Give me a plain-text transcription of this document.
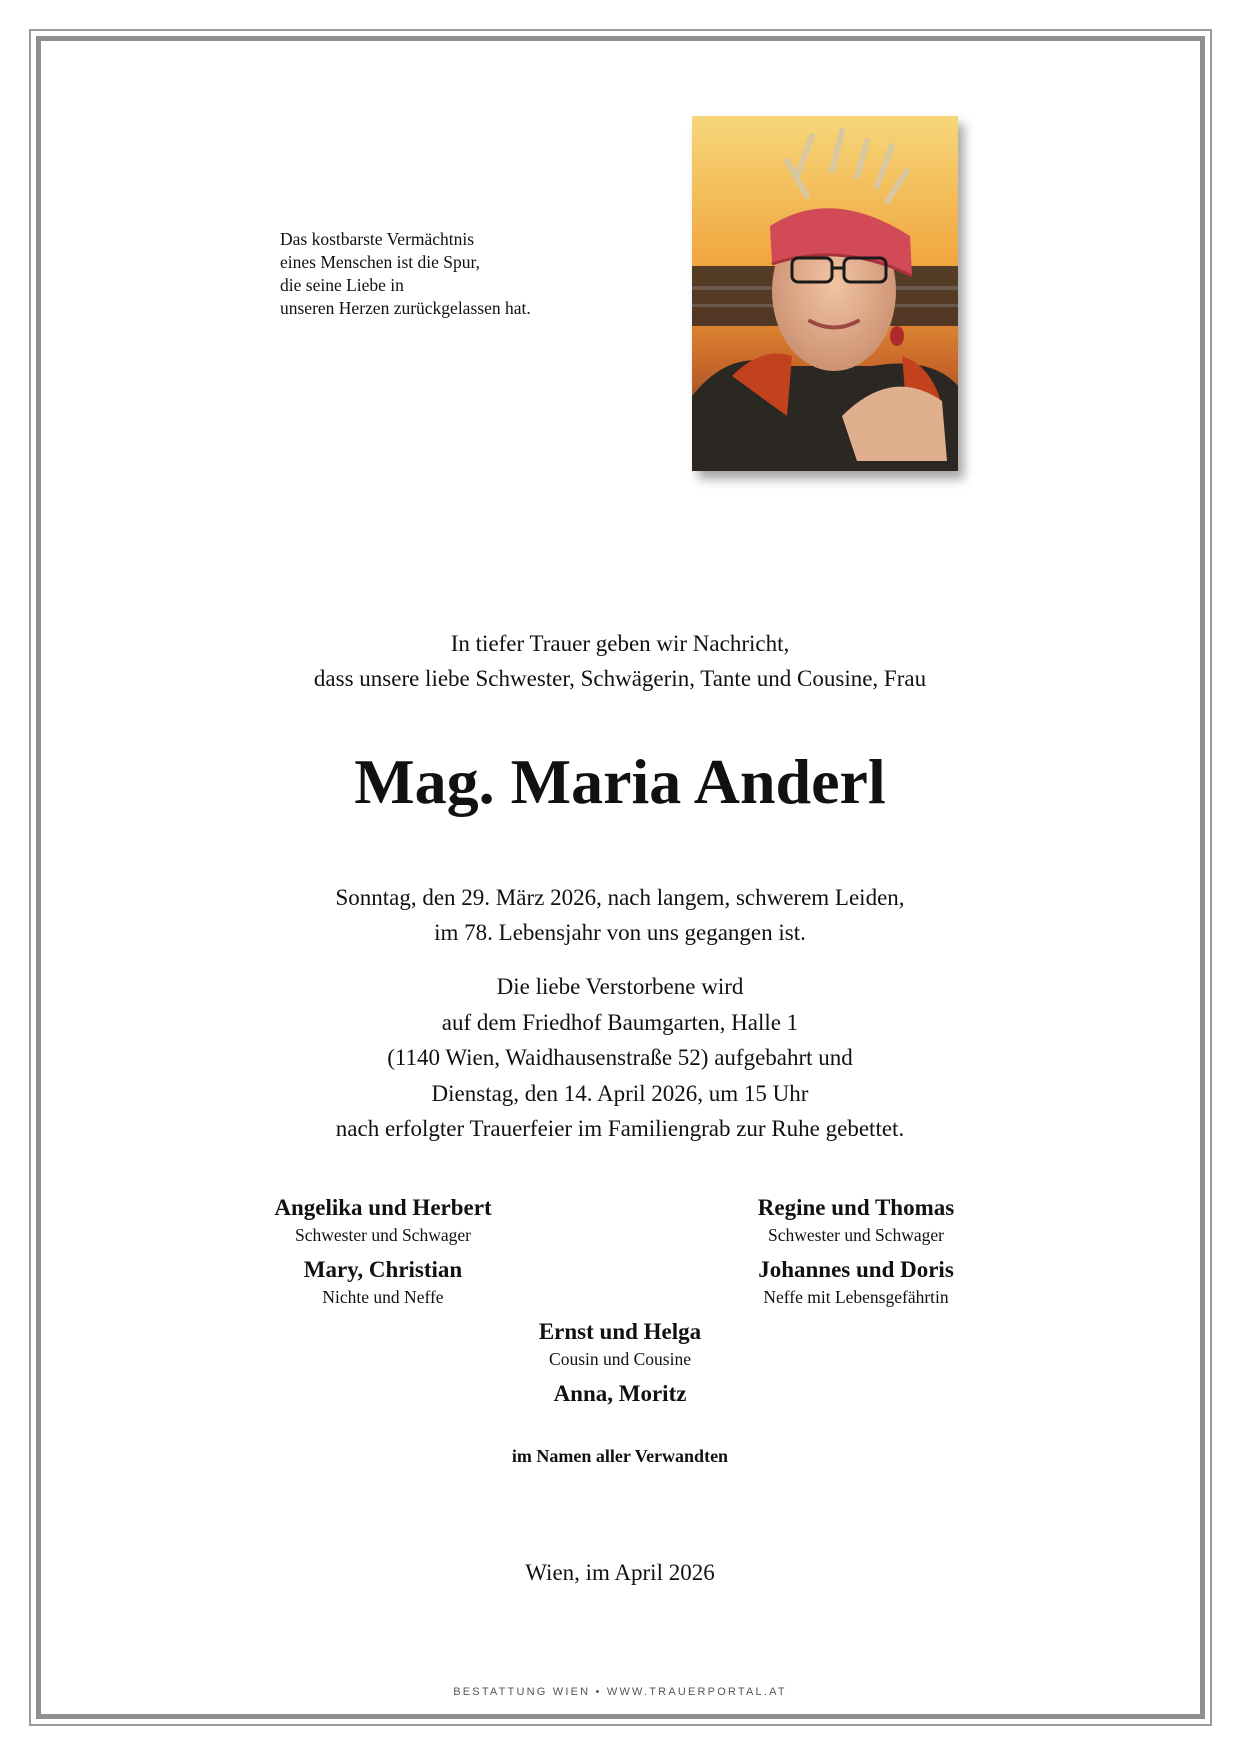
Das kostbarste Vermächtnis
eines Menschen ist die Spur,
die seine Liebe in
unseren Herzen zurückgelassen hat.
In tiefer Trauer geben wir Nachricht,
dass unsere liebe Schwester, Schwägerin, Tante und Cousine, Frau
Mag. Maria Anderl
Sonntag, den 29. März 2026, nach langem, schwerem Leiden,
im 78. Lebensjahr von uns gegangen ist.
Die liebe Verstorbene wird
auf dem Friedhof Baumgarten, Halle 1
(1140 Wien, Waidhausenstraße 52) aufgebahrt und
Dienstag, den 14. April 2026, um 15 Uhr
nach erfolgter Trauerfeier im Familiengrab zur Ruhe gebettet.
Angelika und Herbert
Schwester und Schwager
Regine und Thomas
Schwester und Schwager
Mary, Christian
Nichte und Neffe
Johannes und Doris
Neffe mit Lebensgefährtin
Ernst und Helga
Cousin und Cousine
Anna, Moritz
im Namen aller Verwandten
Wien, im April 2026
BESTATTUNG WIEN • WWW.TRAUERPORTAL.AT
